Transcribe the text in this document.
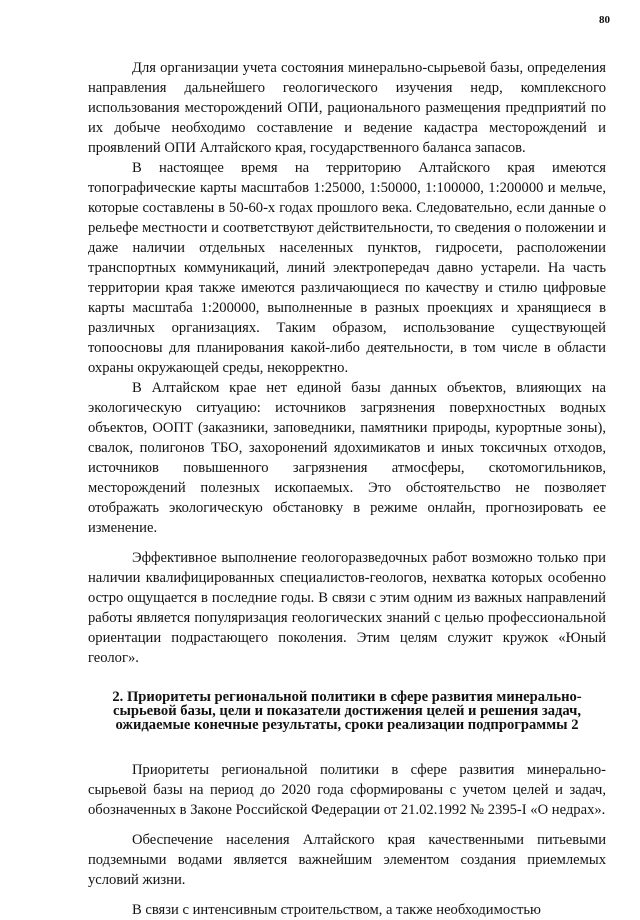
80

Для организации учета состояния минерально-сырьевой базы, определения направления дальнейшего геологического изучения недр, комплексного использования месторождений ОПИ, рационального размещения предприятий по их добыче необходимо составление и ведение кадастра месторождений и проявлений ОПИ Алтайского края, государственного баланса запасов.

В настоящее время на территорию Алтайского края имеются топографические карты масштабов 1:25000, 1:50000, 1:100000, 1:200000 и мельче, которые составлены в 50-60-х годах прошлого века. Следовательно, если данные о рельефе местности и соответствуют действительности, то сведения о положении и даже наличии отдельных населенных пунктов, гидросети, расположении транспортных коммуникаций, линий электропередач давно устарели. На часть территории края также имеются различающиеся по качеству и стилю цифровые карты масштаба 1:200000, выполненные в разных проекциях и хранящиеся в различных организациях. Таким образом, использование существующей топоосновы для планирования какой-либо деятельности, в том числе в области охраны окружающей среды, некорректно.

В Алтайском крае нет единой базы данных объектов, влияющих на экологическую ситуацию: источников загрязнения поверхностных водных объектов, ООПТ (заказники, заповедники, памятники природы, курортные зоны), свалок, полигонов ТБО, захоронений ядохимикатов и иных токсичных отходов, источников повышенного загрязнения атмосферы, скотомогильников, месторождений полезных ископаемых. Это обстоятельство не позволяет отображать экологическую обстановку в режиме онлайн, прогнозировать ее изменение.

Эффективное выполнение геологоразведочных работ возможно только при наличии квалифицированных специалистов-геологов, нехватка которых особенно остро ощущается в последние годы. В связи с этим одним из важных направлений работы является популяризация геологических знаний с целью профессиональной ориентации подрастающего поколения. Этим целям служит кружок «Юный геолог».

2. Приоритеты региональной политики в сфере развития минерально-сырьевой базы, цели и показатели достижения целей и решения задач, ожидаемые конечные результаты, сроки реализации подпрограммы 2

Приоритеты региональной политики в сфере развития минерально-сырьевой базы на период до 2020 года сформированы с учетом целей и задач, обозначенных в Законе Российской Федерации от 21.02.1992 № 2395-I «О недрах».

Обеспечение населения Алтайского края качественными питьевыми подземными водами является важнейшим элементом создания приемлемых условий жизни.

В связи с интенсивным строительством, а также необходимостью
